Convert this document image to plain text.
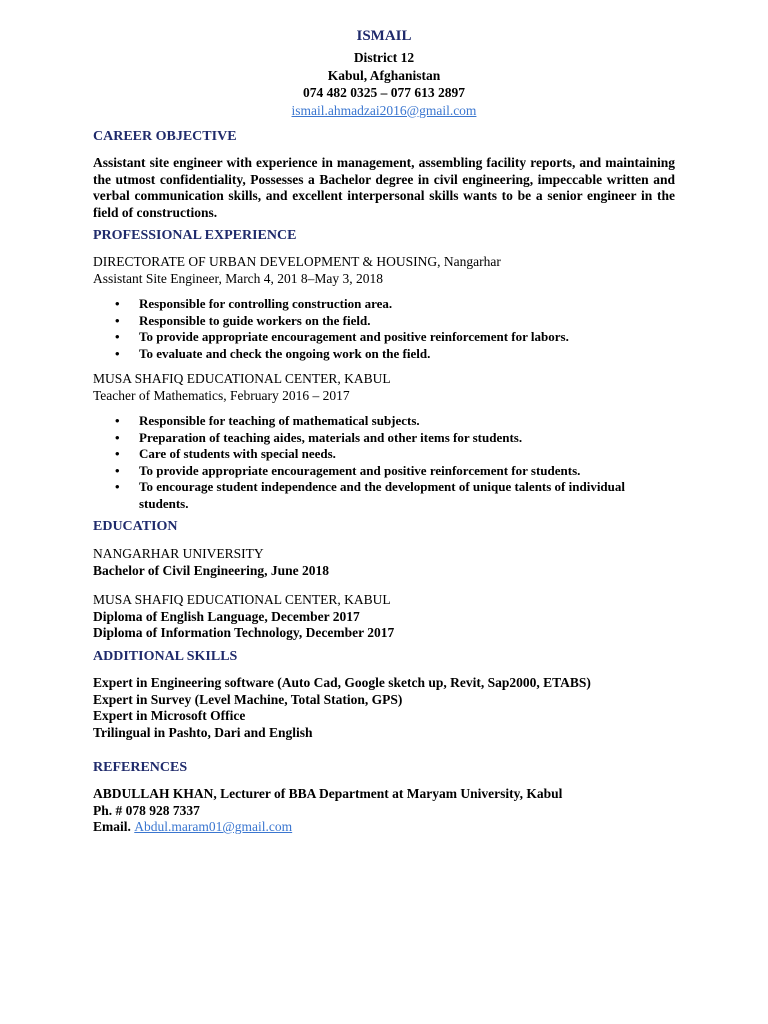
ISMAIL
District 12
Kabul, Afghanistan
074 482 0325 – 077 613 2897
ismail.ahmadzai2016@gmail.com
CAREER OBJECTIVE
Assistant site engineer with experience in management, assembling facility reports, and maintaining the utmost confidentiality, Possesses a Bachelor degree in civil engineering, impeccable written and verbal communication skills, and excellent interpersonal skills wants to be a senior engineer in the field of constructions.
PROFESSIONAL EXPERIENCE
DIRECTORATE OF URBAN DEVELOPMENT & HOUSING, Nangarhar
Assistant Site Engineer, March 4, 201 8–May 3, 2018
• Responsible for controlling construction area.
• Responsible to guide workers on the field.
• To provide appropriate encouragement and positive reinforcement for labors.
• To evaluate and check the ongoing work on the field.
MUSA SHAFIQ EDUCATIONAL CENTER, KABUL
Teacher of Mathematics, February 2016 – 2017
• Responsible for teaching of mathematical subjects.
• Preparation of teaching aides, materials and other items for students.
• Care of students with special needs.
• To provide appropriate encouragement and positive reinforcement for students.
• To encourage student independence and the development of unique talents of individual students.
EDUCATION
NANGARHAR UNIVERSITY
Bachelor of Civil Engineering, June 2018
MUSA SHAFIQ EDUCATIONAL CENTER, KABUL
Diploma of English Language, December 2017
Diploma of Information Technology, December 2017
ADDITIONAL SKILLS
Expert in Engineering software (Auto Cad, Google sketch up, Revit, Sap2000, ETABS)
Expert in Survey (Level Machine, Total Station, GPS)
Expert in Microsoft Office
Trilingual in Pashto, Dari and English
REFERENCES
ABDULLAH KHAN, Lecturer of BBA Department at Maryam University, Kabul
Ph. # 078 928 7337
Email. Abdul.maram01@gmail.com
